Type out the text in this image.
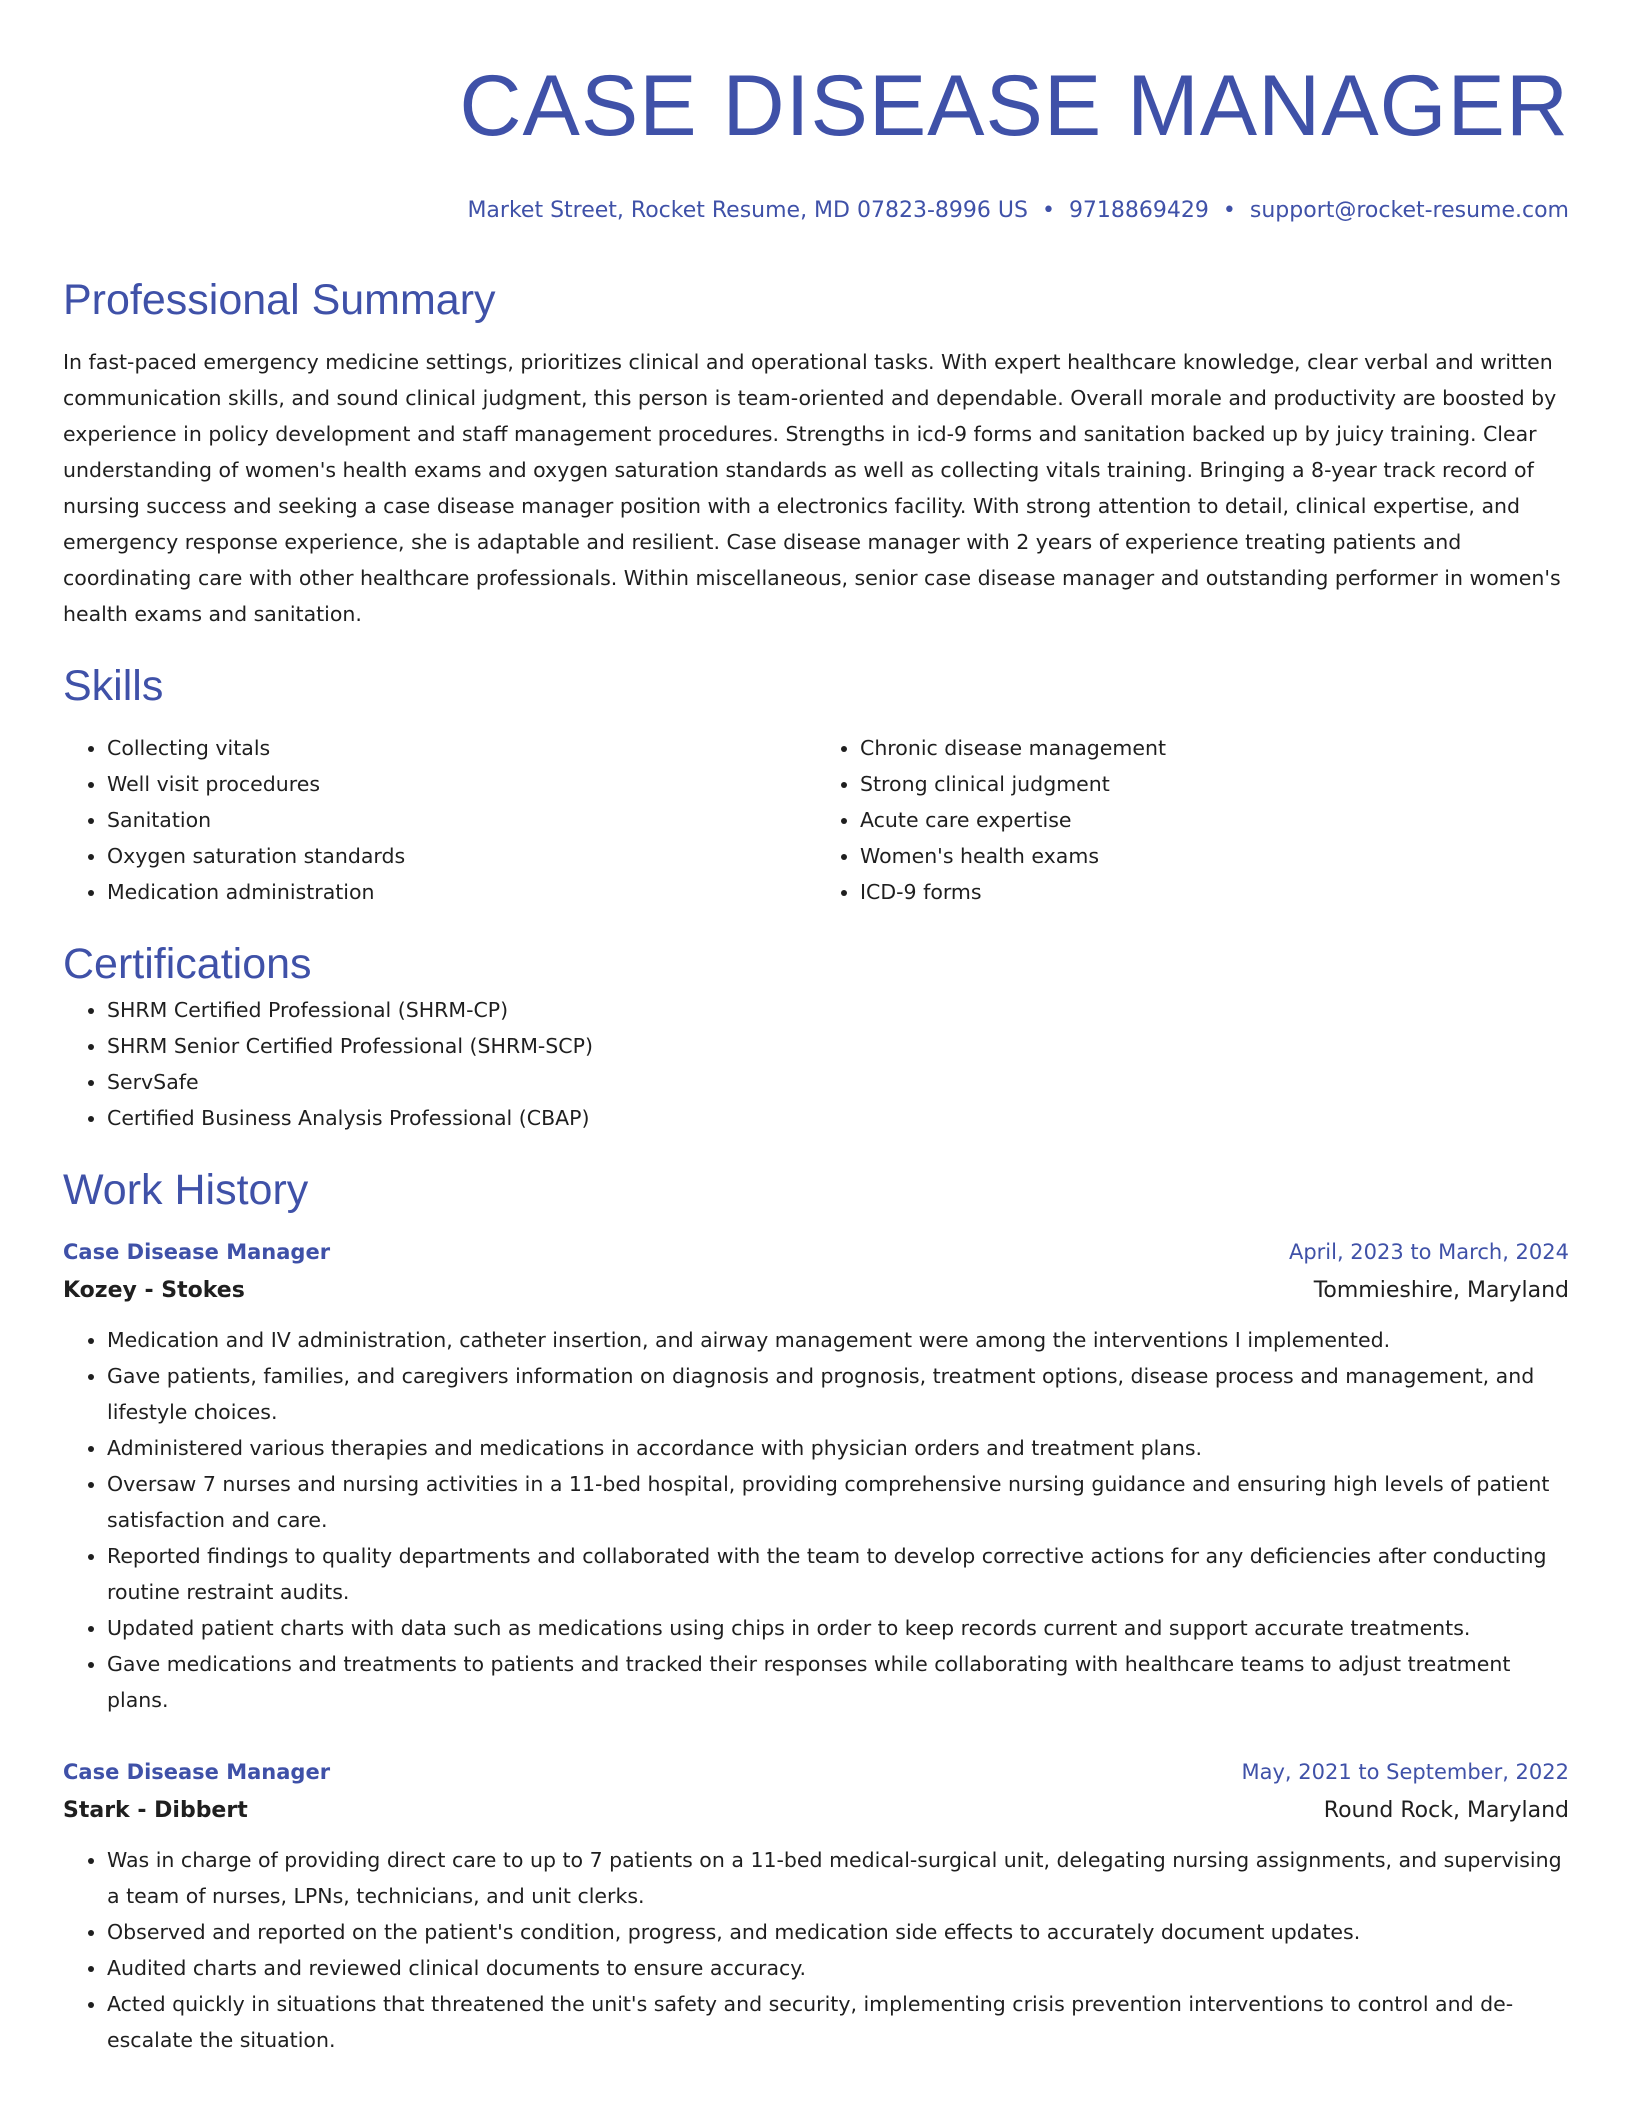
CASE DISEASE MANAGER
Market Street, Rocket Resume, MD 07823-8996 US • 9718869429 • support@rocket-resume.com
Professional Summary

In fast-paced emergency medicine settings, prioritizes clinical and operational tasks. With expert healthcare knowledge, clear verbal and written communication skills, and sound clinical judgment, this person is team-oriented and dependable. Overall morale and productivity are boosted by experience in policy development and staff management procedures. Strengths in icd-9 forms and sanitation backed up by juicy training. Clear understanding of women's health exams and oxygen saturation standards as well as collecting vitals training. Bringing a 8-year track record of nursing success and seeking a case disease manager position with a electronics facility. With strong attention to detail, clinical expertise, and emergency response experience, she is adaptable and resilient. Case disease manager with 2 years of experience treating patients and coordinating care with other healthcare professionals. Within miscellaneous, senior case disease manager and outstanding performer in women's health exams and sanitation.

Skills
• Collecting vitals
• Well visit procedures
• Sanitation
• Oxygen saturation standards
• Medication administration
• Chronic disease management
• Strong clinical judgment
• Acute care expertise
• Women's health exams
• ICD-9 forms
Certifications
• SHRM Certified Professional (SHRM-CP)
• SHRM Senior Certified Professional (SHRM-SCP)
• ServSafe
• Certified Business Analysis Professional (CBAP)
Work History
Case Disease Manager	April, 2023 to March, 2024
Kozey - Stokes	Tommieshire, Maryland
• Medication and IV administration, catheter insertion, and airway management were among the interventions I implemented.
• Gave patients, families, and caregivers information on diagnosis and prognosis, treatment options, disease process and management, and lifestyle choices.
• Administered various therapies and medications in accordance with physician orders and treatment plans.
• Oversaw 7 nurses and nursing activities in a 11-bed hospital, providing comprehensive nursing guidance and ensuring high levels of patient satisfaction and care.
• Reported findings to quality departments and collaborated with the team to develop corrective actions for any deficiencies after conducting routine restraint audits.
• Updated patient charts with data such as medications using chips in order to keep records current and support accurate treatments.
• Gave medications and treatments to patients and tracked their responses while collaborating with healthcare teams to adjust treatment plans.
Case Disease Manager	May, 2021 to September, 2022
Stark - Dibbert	Round Rock, Maryland
• Was in charge of providing direct care to up to 7 patients on a 11-bed medical-surgical unit, delegating nursing assignments, and supervising a team of nurses, LPNs, technicians, and unit clerks.
• Observed and reported on the patient's condition, progress, and medication side effects to accurately document updates.
• Audited charts and reviewed clinical documents to ensure accuracy.
• Acted quickly in situations that threatened the unit's safety and security, implementing crisis prevention interventions to control and de-escalate the situation.
